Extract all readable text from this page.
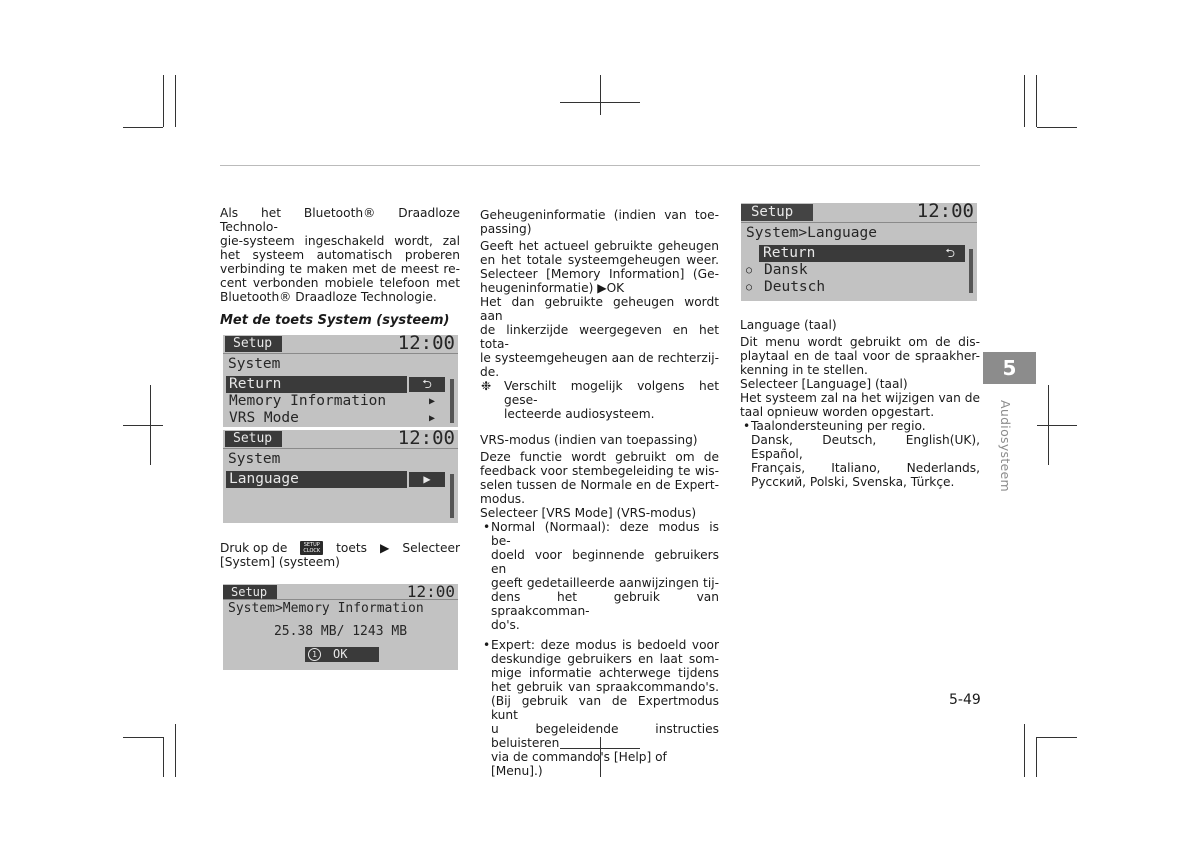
Als het Bluetooth® Draadloze Technolo-
gie-systeem ingeschakeld wordt, zal
het systeem automatisch proberen
verbinding te maken met de meest re-
cent verbonden mobiele telefoon met
Bluetooth® Draadloze Technologie.
Met de toets System (systeem)
Setup	12:00
System
Return	⮌
Memory Information	▶
VRS Mode	▶
Setup	12:00
System
Language	▶
Druk op de	SETUP
CLOCK toets ▶ Selecteer
[System] (systeem)
Setup	12:00
System>Memory Information
25.38 MB/ 1243 MB
1	OK
Geheugeninformatie (indien van toe-
passing)
Geeft het actueel gebruikte geheugen
en het totale systeemgeheugen weer.
Selecteer [Memory Information] (Ge-
heugeninformatie) ▶OK
Het dan gebruikte geheugen wordt aan
de linkerzijde weergegeven en het tota-
le systeemgeheugen aan de rechterzij-
de.
❉ Verschilt mogelijk volgens het gese-
lecteerde audiosysteem.
VRS-modus (indien van toepassing)
Deze functie wordt gebruikt om de
feedback voor stembegeleiding te wis-
selen tussen de Normale en de Expert-
modus.
Selecteer [VRS Mode] (VRS-modus)
• Normal (Normaal): deze modus is be-
doeld voor beginnende gebruikers en
geeft gedetailleerde aanwijzingen tij-
dens het gebruik van spraakcomman-
do's.
• Expert: deze modus is bedoeld voor
deskundige gebruikers en laat som-
mige informatie achterwege tijdens
het gebruik van spraakcommando's.
(Bij gebruik van de Expertmodus kunt
u begeleidende instructies beluisteren
via de commando's [Help] of [Menu].)
Setup	12:00
System>Language
Return	⮌
○ Dansk
○ Deutsch
Language (taal)
Dit menu wordt gebruikt om de dis-
playtaal en de taal voor de spraakher-
kenning in te stellen.
Selecteer [Language] (taal)
Het systeem zal na het wijzigen van de
taal opnieuw worden opgestart.
• Taalondersteuning per regio.
Dansk, Deutsch, English(UK), Español,
Français, Italiano, Nederlands,
Русский, Polski, Svenska, Türkçe.
5
Audiosysteem
5-49
